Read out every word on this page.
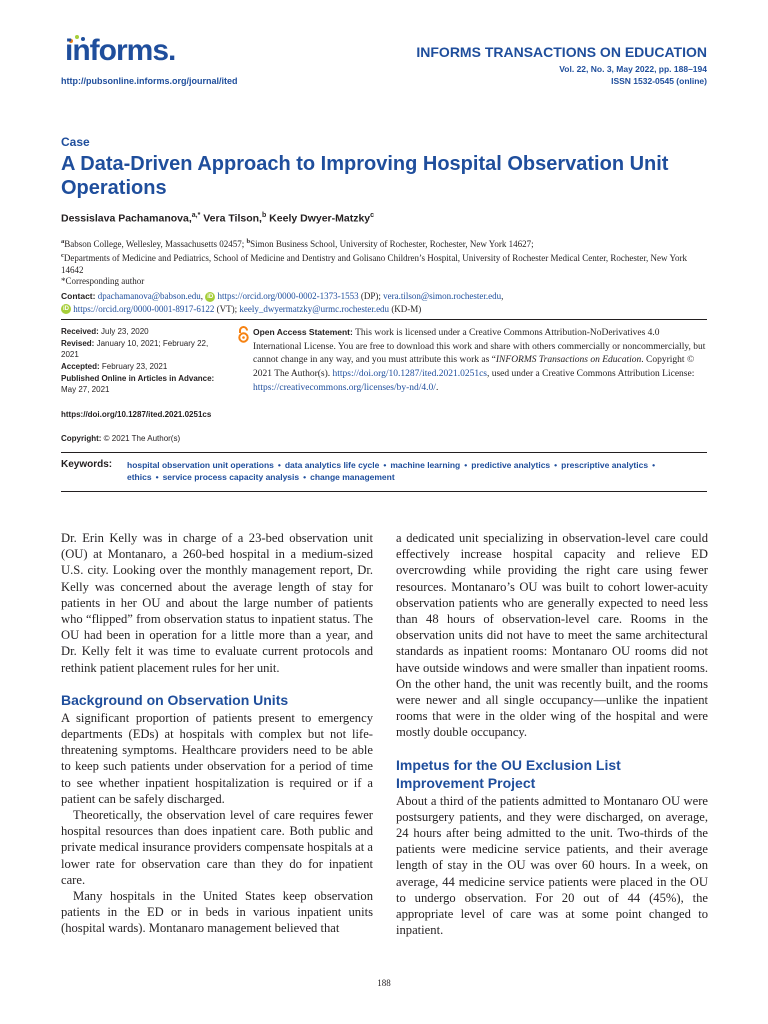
informs.
http://pubsonline.informs.org/journal/ited
INFORMS TRANSACTIONS ON EDUCATION
Vol. 22, No. 3, May 2022, pp. 188–194
ISSN 1532-0545 (online)
Case
A Data-Driven Approach to Improving Hospital Observation Unit Operations
Dessislava Pachamanova,$^{a,*}$ Vera Tilson,$^b$ Keely Dwyer-Matzky$^c$
$^a$Babson College, Wellesley, Massachusetts 02457; $^b$Simon Business School, University of Rochester, Rochester, New York 14627;
$^c$Departments of Medicine and Pediatrics, School of Medicine and Dentistry and Golisano Children’s Hospital, University of Rochester Medical Center, Rochester, New York 14642
*Corresponding author
Contact: dpachamanova@babson.edu, iD https://orcid.org/0000-0002-1373-1553 (DP); vera.tilson@simon.rochester.edu,
iD https://orcid.org/0000-0001-8917-6122 (VT); keely_dwyermatzky@urmc.rochester.edu (KD-M)
Received: July 23, 2020
Revised: January 10, 2021; February 22, 2021
Accepted: February 23, 2021
Published Online in Articles in Advance:
May 27, 2021
https://doi.org/10.1287/ited.2021.0251cs
Copyright: © 2021 The Author(s)
Open Access Statement: This work is licensed under a Creative Commons Attribution-NoDerivatives 4.0 International License. You are free to download this work and share with others commercially or noncommercially, but cannot change in any way, and you must attribute this work as “INFORMS Transactions on Education. Copyright © 2021 The Author(s). https://doi.org/10.1287/ited.2021.0251cs, used under a Creative Commons Attribution License: https://creativecommons.org/licenses/by-nd/4.0/.
Keywords: hospital observation unit operations • data analytics life cycle • machine learning • predictive analytics • prescriptive analytics •
ethics • service process capacity analysis • change management

Dr. Erin Kelly was in charge of a 23-bed observation unit (OU) at Montanaro, a 260-bed hospital in a medium-sized U.S. city. Looking over the monthly management report, Dr. Kelly was concerned about the average length of stay for patients in her OU and about the large number of patients who “flipped” from observation status to inpatient status. The OU had been in operation for a little more than a year, and Dr. Kelly felt it was time to evaluate current protocols and rethink patient placement rules for her unit.

Background on Observation Units

A significant proportion of patients present to emergency departments (EDs) at hospitals with complex but not life-threatening symptoms. Healthcare providers need to be able to keep such patients under observation for a period of time to see whether inpatient hospitalization is required or if a patient can be safely discharged.

Theoretically, the observation level of care requires fewer hospital resources than does inpatient care. Both public and private medical insurance providers compensate hospitals at a lower rate for observation care than they do for inpatient care.

Many hospitals in the United States keep observation patients in the ED or in beds in various inpatient units (hospital wards). Montanaro management believed that

a dedicated unit specializing in observation-level care could effectively increase hospital capacity and relieve ED overcrowding while providing the right care using fewer resources. Montanaro’s OU was built to cohort lower-acuity observation patients who are generally expected to need less than 48 hours of observation-level care. Rooms in the observation units did not have to meet the same architectural standards as inpatient rooms: Montanaro OU rooms did not have outside windows and were smaller than inpatient rooms. On the other hand, the unit was recently built, and the rooms were newer and all single occupancy—unlike the inpatient rooms that were in the older wing of the hospital and were mostly double occupancy.

Impetus for the OU Exclusion List Improvement Project

About a third of the patients admitted to Montanaro OU were postsurgery patients, and they were discharged, on average, 24 hours after being admitted to the unit. Two-thirds of the patients were medicine service patients, and their average length of stay in the OU was over 60 hours. In a week, on average, 44 medicine service patients were placed in the OU to undergo observation. For 20 out of 44 (45%), the appropriate level of care was at some point changed to inpatient.

188
